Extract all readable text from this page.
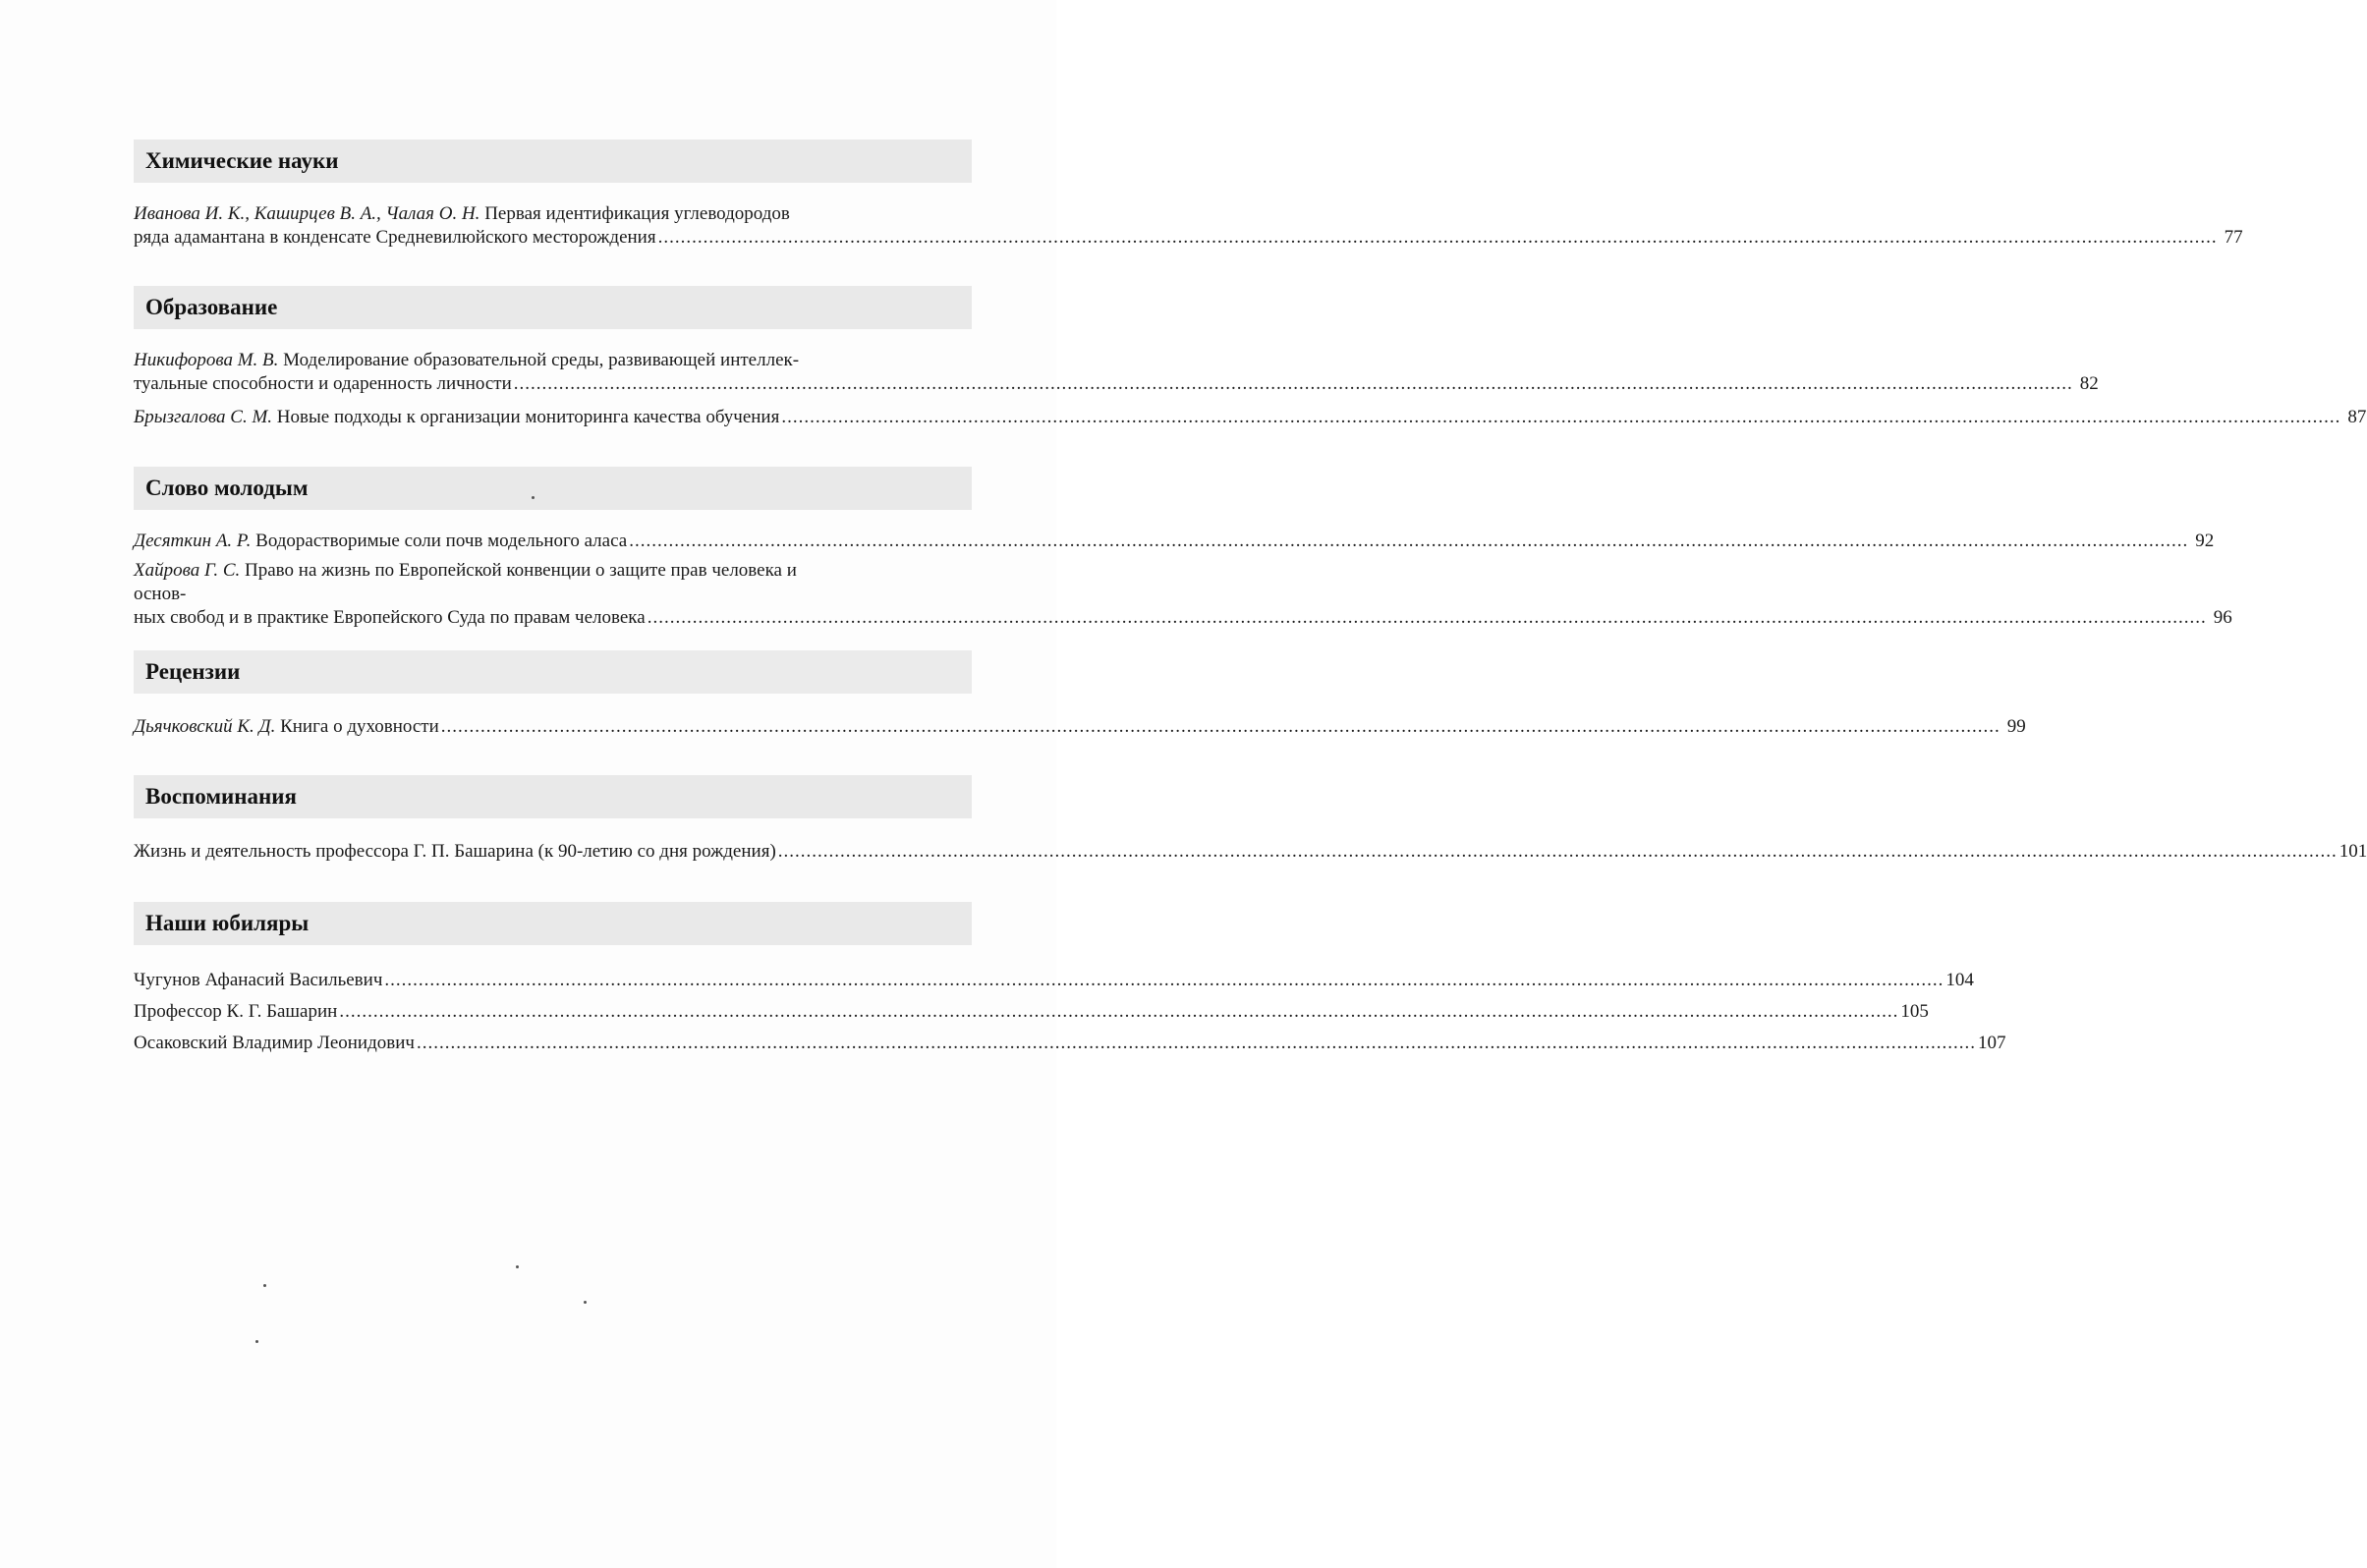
Химические науки
Иванова И. К., Каширцев В. А., Чалая О. Н. Первая идентификация углеводородов
ряда адамантана в конденсате Средневилюйского месторождения .....	77
Образование
Никифорова М. В. Моделирование образовательной среды, развивающей интеллек-
туальные способности и одаренность личности .....	82
Брызгалова С. М. Новые подходы к организации мониторинга качества обучения .....	87
Слово молодым
Десяткин А. Р. Водорастворимые соли почв модельного аласа .....	92
Хайрова Г. С. Право на жизнь по Европейской конвенции о защите прав человека и
основ-
ных свобод и в практике Европейского Суда по правам человека .....	96
Рецензии
Дьячковский К. Д. Книга о духовности .....	99
Воспоминания
Жизнь и деятельность профессора Г. П. Башарина (к 90-летию со дня рождения) .....	101
Наши юбиляры
Чугунов Афанасий Васильевич .....	104
Профессор К. Г. Башарин .....	105
Осаковский Владимир Леонидович .....	107
